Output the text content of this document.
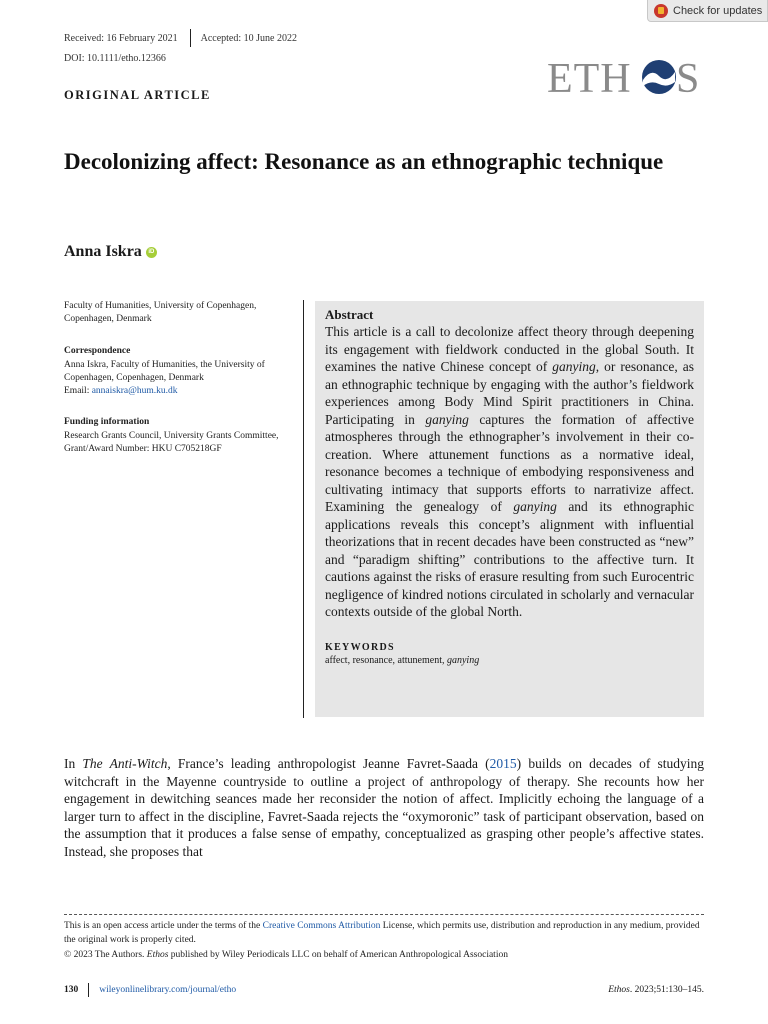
Check for updates
Received: 16 February 2021 Accepted: 10 June 2022
DOI: 10.1111/etho.12366	ETH S
ORIGINAL ARTICLE
Decolonizing affect: Resonance as an ethnographic technique
Anna Iskra	iD
Faculty of Humanities, University of Copenhagen, Copenhagen, Denmark
Correspondence
Anna Iskra, Faculty of Humanities, the University of Copenhagen, Copenhagen, Denmark
Email: annaiskra@hum.ku.dk
Funding information
Research Grants Council, University Grants Committee, Grant/Award Number: HKU C705218GF
Abstract

This article is a call to decolonize affect theory through deepening its engagement with fieldwork conducted in the global South. It examines the native Chinese concept of ganying, or resonance, as an ethnographic technique by engaging with the author’s fieldwork experiences among Body Mind Spirit practitioners in China. Participating in ganying captures the formation of affective atmospheres through the ethnographer’s involvement in their co-creation. Where attunement functions as a normative ideal, resonance becomes a technique of embodying responsiveness and cultivating intimacy that supports efforts to narrativize affect. Examining the genealogy of ganying and its ethnographic applications reveals this concept’s alignment with influential theorizations that in recent decades have been constructed as “new” and “paradigm shifting” contributions to the affective turn. It cautions against the risks of erasure resulting from such Eurocentric negligence of kindred notions circulated in scholarly and vernacular contexts outside of the global North.

KEYWORDS
affect, resonance, attunement, ganying

In The Anti-Witch, France’s leading anthropologist Jeanne Favret-Saada (2015) builds on decades of studying witchcraft in the Mayenne countryside to outline a project of anthropology of therapy. She recounts how her engagement in dewitching seances made her reconsider the notion of affect. Implicitly echoing the language of a larger turn to affect in the discipline, Favret-Saada rejects the “oxymoronic” task of participant observation, based on the assumption that it produces a false sense of empathy, conceptualized as grasping other people’s affective states. Instead, she proposes that

This is an open access article under the terms of the Creative Commons Attribution License, which permits use, distribution and reproduction in any medium, provided the original work is properly cited.

© 2023 The Authors. Ethos published by Wiley Periodicals LLC on behalf of American Anthropological Association
130 wileyonlinelibrary.com/journal/etho	Ethos. 2023;51:130–145.
